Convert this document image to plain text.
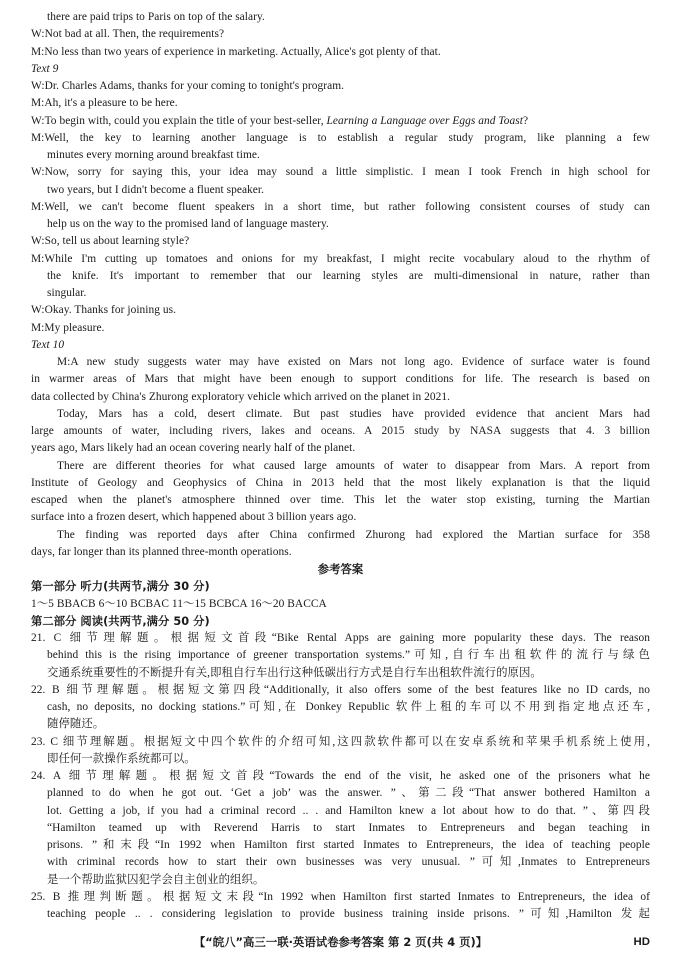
there are paid trips to Paris on top of the salary.
W:Not bad at all. Then, the requirements?
M:No less than two years of experience in marketing. Actually, Alice's got plenty of that.
Text 9
W:Dr. Charles Adams, thanks for your coming to tonight's program.
M:Ah, it's a pleasure to be here.
W:To begin with, could you explain the title of your best-seller, Learning a Language over Eggs and Toast?
M:Well, the key to learning another language is to establish a regular study program, like planning a few
minutes every morning around breakfast time.
W:Now, sorry for saying this, your idea may sound a little simplistic. I mean I took French in high school for
two years, but I didn't become a fluent speaker.
M:Well, we can't become fluent speakers in a short time, but rather following consistent courses of study can
help us on the way to the promised land of language mastery.
W:So, tell us about learning style?
M:While I'm cutting up tomatoes and onions for my breakfast, I might recite vocabulary aloud to the rhythm of
the knife. It's important to remember that our learning styles are multi-dimensional in nature, rather than
singular.
W:Okay. Thanks for joining us.
M:My pleasure.
Text 10
M:A new study suggests water may have existed on Mars not long ago. Evidence of surface water is found
in warmer areas of Mars that might have been enough to support conditions for life. The research is based on
data collected by China's Zhurong exploratory vehicle which arrived on the planet in 2021.
Today, Mars has a cold, desert climate. But past studies have provided evidence that ancient Mars had
large amounts of water, including rivers, lakes and oceans. A 2015 study by NASA suggests that 4. 3 billion
years ago, Mars likely had an ocean covering nearly half of the planet.
There are different theories for what caused large amounts of water to disappear from Mars. A report from
Institute of Geology and Geophysics of China in 2013 held that the most likely explanation is that the liquid
escaped when the planet's atmosphere thinned over time. This let the water stop existing, turning the Martian
surface into a frozen desert, which happened about 3 billion years ago.
The finding was reported days after China confirmed Zhurong had explored the Martian surface for 358
days, far longer than its planned three-month operations.
参考答案
第一部分 听力(共两节,满分 30 分)
1～5 BBACB 6～10 BCBAC 11～15 BCBCA 16～20 BACCA
第二部分 阅读(共两节,满分 50 分)
21. C 细节理解题。根据短文首段“Bike Rental Apps are gaining more popularity these days. The reason
behind this is the rising importance of greener transportation systems.”可知,自行车出租软件的流行与绿色
交通系统重要性的不断提升有关,即租自行车出行这种低碳出行方式是自行车出租软件流行的原因。
22. B 细节理解题。根据短文第四段“Additionally, it also offers some of the best features like no ID cards, no
cash, no deposits, no docking stations.”可知,在 Donkey Republic 软件上租的车可以不用到指定地点还车,
随停随还。
23. C 细节理解题。根据短文中四个软件的介绍可知,这四款软件都可以在安卓系统和苹果手机系统上使用,
即任何一款操作系统都可以。
24. A 细节理解题。根据短文首段“Towards the end of the visit, he asked one of the prisoners what he
planned to do when he got out. ‘Get a job’ was the answer. ”、第二段“That answer bothered Hamilton a
lot. Getting a job, if you had a criminal record .. . and Hamilton knew a lot about how to do that. ”、第四段
“Hamilton teamed up with Reverend Harris to start Inmates to Entrepreneurs and began teaching in
prisons. ”和末段“In 1992 when Hamilton first started Inmates to Entrepreneurs, the idea of teaching people
with criminal records how to start their own businesses was very unusual. ”可知,Inmates to Entrepreneurs
是一个帮助监狱囚犯学会自主创业的组织。
25. B 推理判断题。根据短文末段“In 1992 when Hamilton first started Inmates to Entrepreneurs, the idea of
teaching people .. . considering legislation to provide business training inside prisons. ”可知,Hamilton 发起
【“皖八”高三一联·英语试卷参考答案 第 2 页(共 4 页)】	HD
